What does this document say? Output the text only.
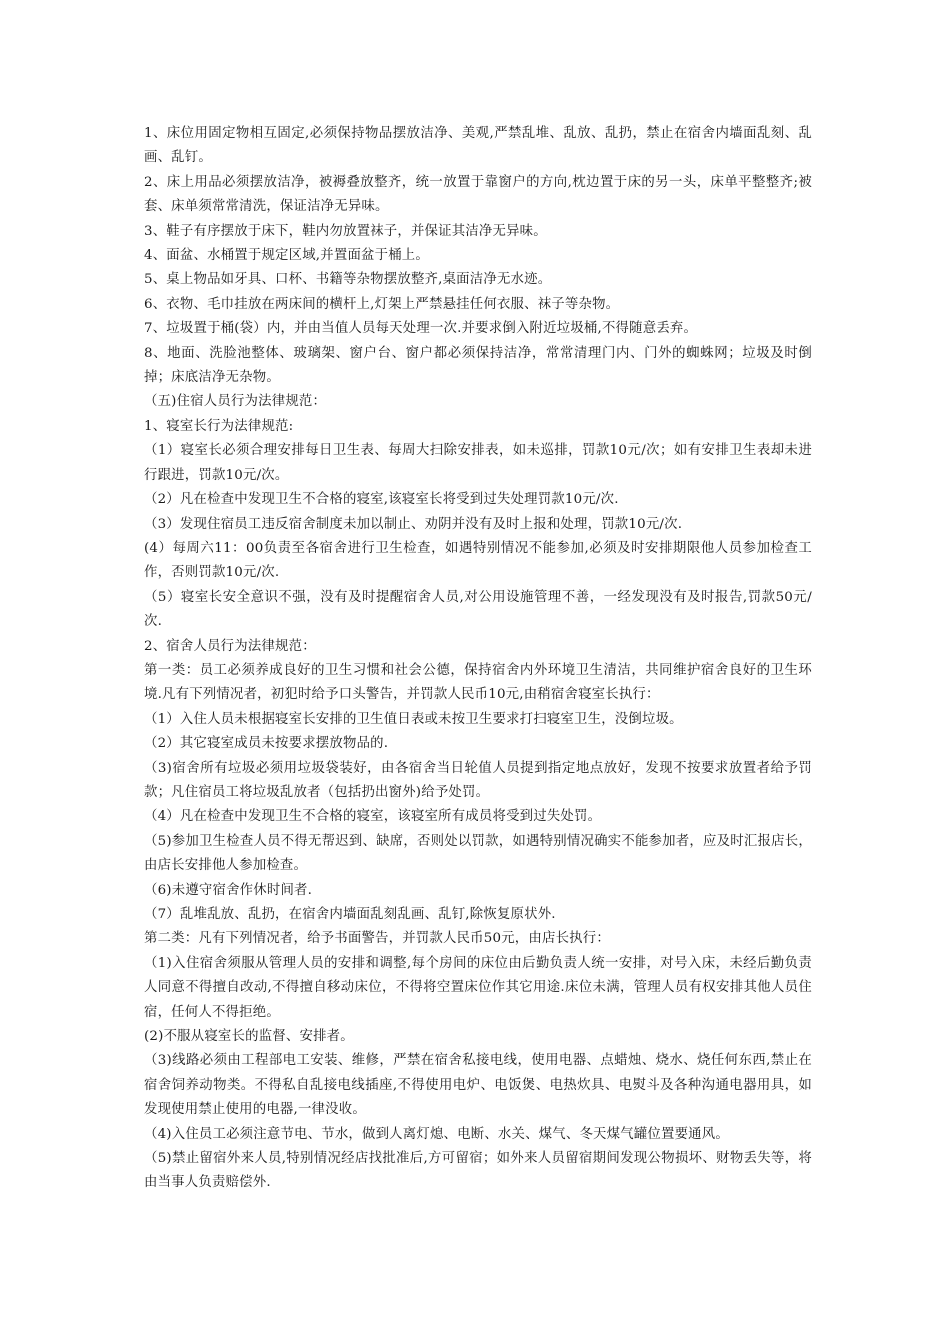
1、床位用固定物相互固定,必须保持物品摆放洁净、美观,严禁乱堆、乱放、乱扔，禁止在宿舍内墙面乱刻、乱画、乱钉。

2、床上用品必须摆放洁净，被褥叠放整齐，统一放置于靠窗户的方向,枕边置于床的另一头，床单平整整齐;被套、床单须常常清洗，保证洁净无异味。

3、鞋子有序摆放于床下，鞋内勿放置袜子，并保证其洁净无异味。

4、面盆、水桶置于规定区域,并置面盆于桶上。

5、桌上物品如牙具、口杯、书籍等杂物摆放整齐,桌面洁净无水迹。

6、衣物、毛巾挂放在两床间的横杆上,灯架上严禁悬挂任何衣服、袜子等杂物。

7、垃圾置于桶(袋）内，并由当值人员每天处理一次.并要求倒入附近垃圾桶,不得随意丢弃。

8、地面、洗脸池整体、玻璃架、窗户台、窗户都必须保持洁净，常常清理门内、门外的蜘蛛网；垃圾及时倒掉；床底洁净无杂物。

（五)住宿人员行为法律规范：

1、寝室长行为法律规范:

（1）寝室长必须合理安排每日卫生表、每周大扫除安排表，如未巡排，罚款10元/次；如有安排卫生表却未进行跟进，罚款10元/次。

（2）凡在检查中发现卫生不合格的寝室,该寝室长将受到过失处理罚款10元/次.

（3）发现住宿员工违反宿舍制度未加以制止、劝阴并没有及时上报和处理，罚款10元/次.

(4）每周六11：00负责至各宿舍进行卫生检查，如遇特别情况不能参加,必须及时安排期限他人员参加检查工作，否则罚款10元/次.

（5）寝室长安全意识不强，没有及时提醒宿舍人员,对公用设施管理不善，一经发现没有及时报告,罚款50元/次.

2、宿舍人员行为法律规范：

第一类：员工必须养成良好的卫生习惯和社会公德，保持宿舍内外环境卫生清洁，共同维护宿舍良好的卫生环境.凡有下列情况者，初犯时给予口头警告，并罚款人民币10元,由稍宿舍寝室长执行：

（1）入住人员未根据寝室长安排的卫生值日表或未按卫生要求打扫寝室卫生，没倒垃圾。

（2）其它寝室成员未按要求摆放物品的.

（3)宿舍所有垃圾必须用垃圾袋装好，由各宿舍当日轮值人员提到指定地点放好，发现不按要求放置者给予罚款；凡住宿员工将垃圾乱放者（包括扔出窗外)给予处罚。

（4）凡在检查中发现卫生不合格的寝室，该寝室所有成员将受到过失处罚。

（5)参加卫生检查人员不得无帮迟到、缺席，否则处以罚款，如遇特别情况确实不能参加者，应及时汇报店长，由店长安排他人参加检查。

（6)未遵守宿舍作休时间者.

（7）乱堆乱放、乱扔，在宿舍内墙面乱刻乱画、乱钉,除恢复原状外.

第二类：凡有下列情况者，给予书面警告，并罚款人民币50元，由店长执行：

（1)入住宿舍须服从管理人员的安排和调整,每个房间的床位由后勤负责人统一安排，对号入床，未经后勤负责人同意不得擅自改动,不得擅自移动床位，不得将空置床位作其它用途.床位未满，管理人员有权安排其他人员住宿，任何人不得拒绝。

(2)不服从寝室长的监督、安排者。

（3)线路必须由工程部电工安装、维修，严禁在宿舍私接电线，使用电器、点蜡烛、烧水、烧任何东西,禁止在宿舍饲养动物类。不得私自乱接电线插座,不得使用电炉、电饭煲、电热炊具、电熨斗及各种沟通电器用具，如发现使用禁止使用的电器,一律没收。

（4)入住员工必须注意节电、节水，做到人离灯熄、电断、水关、煤气、冬天煤气罐位置要通风。

（5)禁止留宿外来人员,特别情况经店找批准后,方可留宿；如外来人员留宿期间发现公物损坏、财物丢失等，将由当事人负责赔偿外.
